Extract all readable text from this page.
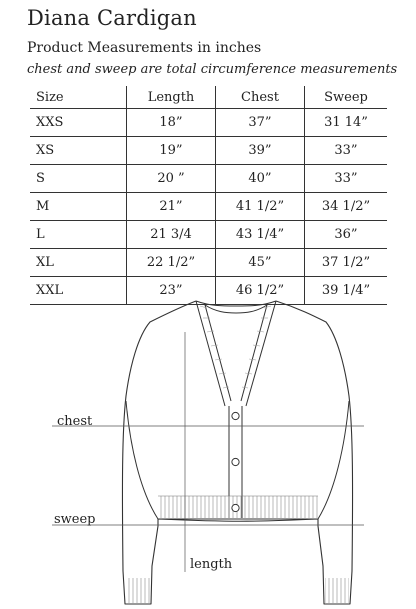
Diana Cardigan
Product Measurements in inches
chest and sweep are total circumference measurements
Size	Length	Chest	Sweep
XXS	18”	37”	31 14”
XS	19”	39”	33”
S	20 ”	40”	33”
M	21”	41 1/2”	34 1/2”
L	21 3/4	43 1/4”	36”
XL	22 1/2”	45”	37 1/2”
XXL	23”	46 1/2”	39 1/4”
chest
sweep
length
